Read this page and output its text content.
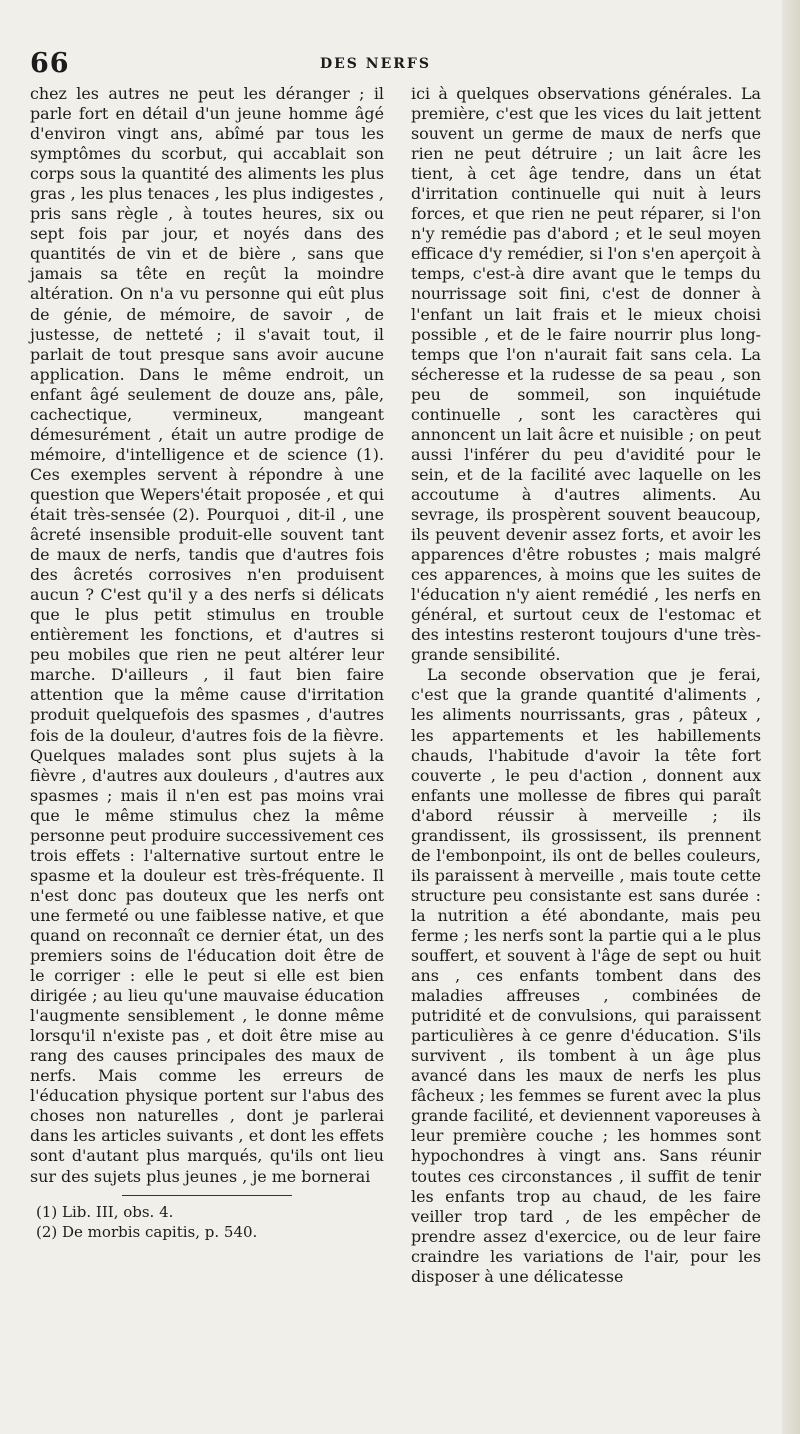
66	DES NERFS

chez les autres ne peut les déranger ; il parle fort en détail d'un jeune homme âgé d'environ vingt ans, abîmé par tous les symptômes du scorbut, qui accablait son corps sous la quantité des aliments les plus gras , les plus tenaces , les plus indigestes , pris sans règle , à toutes heures, six ou sept fois par jour, et noyés dans des quantités de vin et de bière , sans que jamais sa tête en reçût la moindre altération. On n'a vu personne qui eût plus de génie, de mémoire, de savoir , de justesse, de netteté ; il s'avait tout, il parlait de tout presque sans avoir aucune application. Dans le même endroit, un enfant âgé seulement de douze ans, pâle, cachectique, vermineux, mangeant démesurément , était un autre prodige de mémoire, d'intelligence et de science (1). Ces exemples servent à répondre à une question que Wepers'était proposée , et qui était très-sensée (2). Pourquoi , dit-il , une âcreté insensible produit-elle souvent tant de maux de nerfs, tandis que d'autres fois des âcretés corrosives n'en produisent aucun ? C'est qu'il y a des nerfs si délicats que le plus petit stimulus en trouble entièrement les fonctions, et d'autres si peu mobiles que rien ne peut altérer leur marche. D'ailleurs , il faut bien faire attention que la même cause d'irritation produit quelquefois des spasmes , d'autres fois de la douleur, d'autres fois de la fièvre. Quelques malades sont plus sujets à la fièvre , d'autres aux douleurs , d'autres aux spasmes ; mais il n'en est pas moins vrai que le même stimulus chez la même personne peut produire successivement ces trois effets : l'alternative surtout entre le spasme et la douleur est très-fréquente. Il n'est donc pas douteux que les nerfs ont une fermeté ou une faiblesse native, et que quand on reconnaît ce dernier état, un des premiers soins de l'éducation doit être de le corriger : elle le peut si elle est bien dirigée ; au lieu qu'une mauvaise éducation l'augmente sensiblement , le donne même lorsqu'il n'existe pas , et doit être mise au rang des causes principales des maux de nerfs. Mais comme les erreurs de l'éducation physique portent sur l'abus des choses non naturelles , dont je parlerai dans les articles suivants , et dont les effets sont d'autant plus marqués, qu'ils ont lieu sur des sujets plus jeunes , je me bornerai

(1) Lib. III, obs. 4.
(2) De morbis capitis, p. 540.

ici à quelques observations générales. La première, c'est que les vices du lait jettent souvent un germe de maux de nerfs que rien ne peut détruire ; un lait âcre les tient, à cet âge tendre, dans un état d'irritation continuelle qui nuit à leurs forces, et que rien ne peut réparer, si l'on n'y remédie pas d'abord ; et le seul moyen efficace d'y remédier, si l'on s'en aperçoit à temps, c'est-à dire avant que le temps du nourrissage soit fini, c'est de donner à l'enfant un lait frais et le mieux choisi possible , et de le faire nourrir plus long-temps que l'on n'aurait fait sans cela. La sécheresse et la rudesse de sa peau , son peu de sommeil, son inquiétude continuelle , sont les caractères qui annoncent un lait âcre et nuisible ; on peut aussi l'inférer du peu d'avidité pour le sein, et de la facilité avec laquelle on les accoutume à d'autres aliments. Au sevrage, ils prospèrent souvent beaucoup, ils peuvent devenir assez forts, et avoir les apparences d'être robustes ; mais malgré ces apparences, à moins que les suites de l'éducation n'y aient remédié , les nerfs en général, et surtout ceux de l'estomac et des intestins resteront toujours d'une très-grande sensibilité.

La seconde observation que je ferai, c'est que la grande quantité d'aliments , les aliments nourrissants, gras , pâteux , les appartements et les habillements chauds, l'habitude d'avoir la tête fort couverte , le peu d'action , donnent aux enfants une mollesse de fibres qui paraît d'abord réussir à merveille ; ils grandissent, ils grossissent, ils prennent de l'embonpoint, ils ont de belles couleurs, ils paraissent à merveille , mais toute cette structure peu consistante est sans durée : la nutrition a été abondante, mais peu ferme ; les nerfs sont la partie qui a le plus souffert, et souvent à l'âge de sept ou huit ans , ces enfants tombent dans des maladies affreuses , combinées de putridité et de convulsions, qui paraissent particulières à ce genre d'éducation. S'ils survivent , ils tombent à un âge plus avancé dans les maux de nerfs les plus fâcheux ; les femmes se furent avec la plus grande facilité, et deviennent vaporeuses à leur première couche ; les hommes sont hypochondres à vingt ans. Sans réunir toutes ces circonstances , il suffit de tenir les enfants trop au chaud, de les faire veiller trop tard , de les empêcher de prendre assez d'exercice, ou de leur faire craindre les variations de l'air, pour les disposer à une délicatesse
